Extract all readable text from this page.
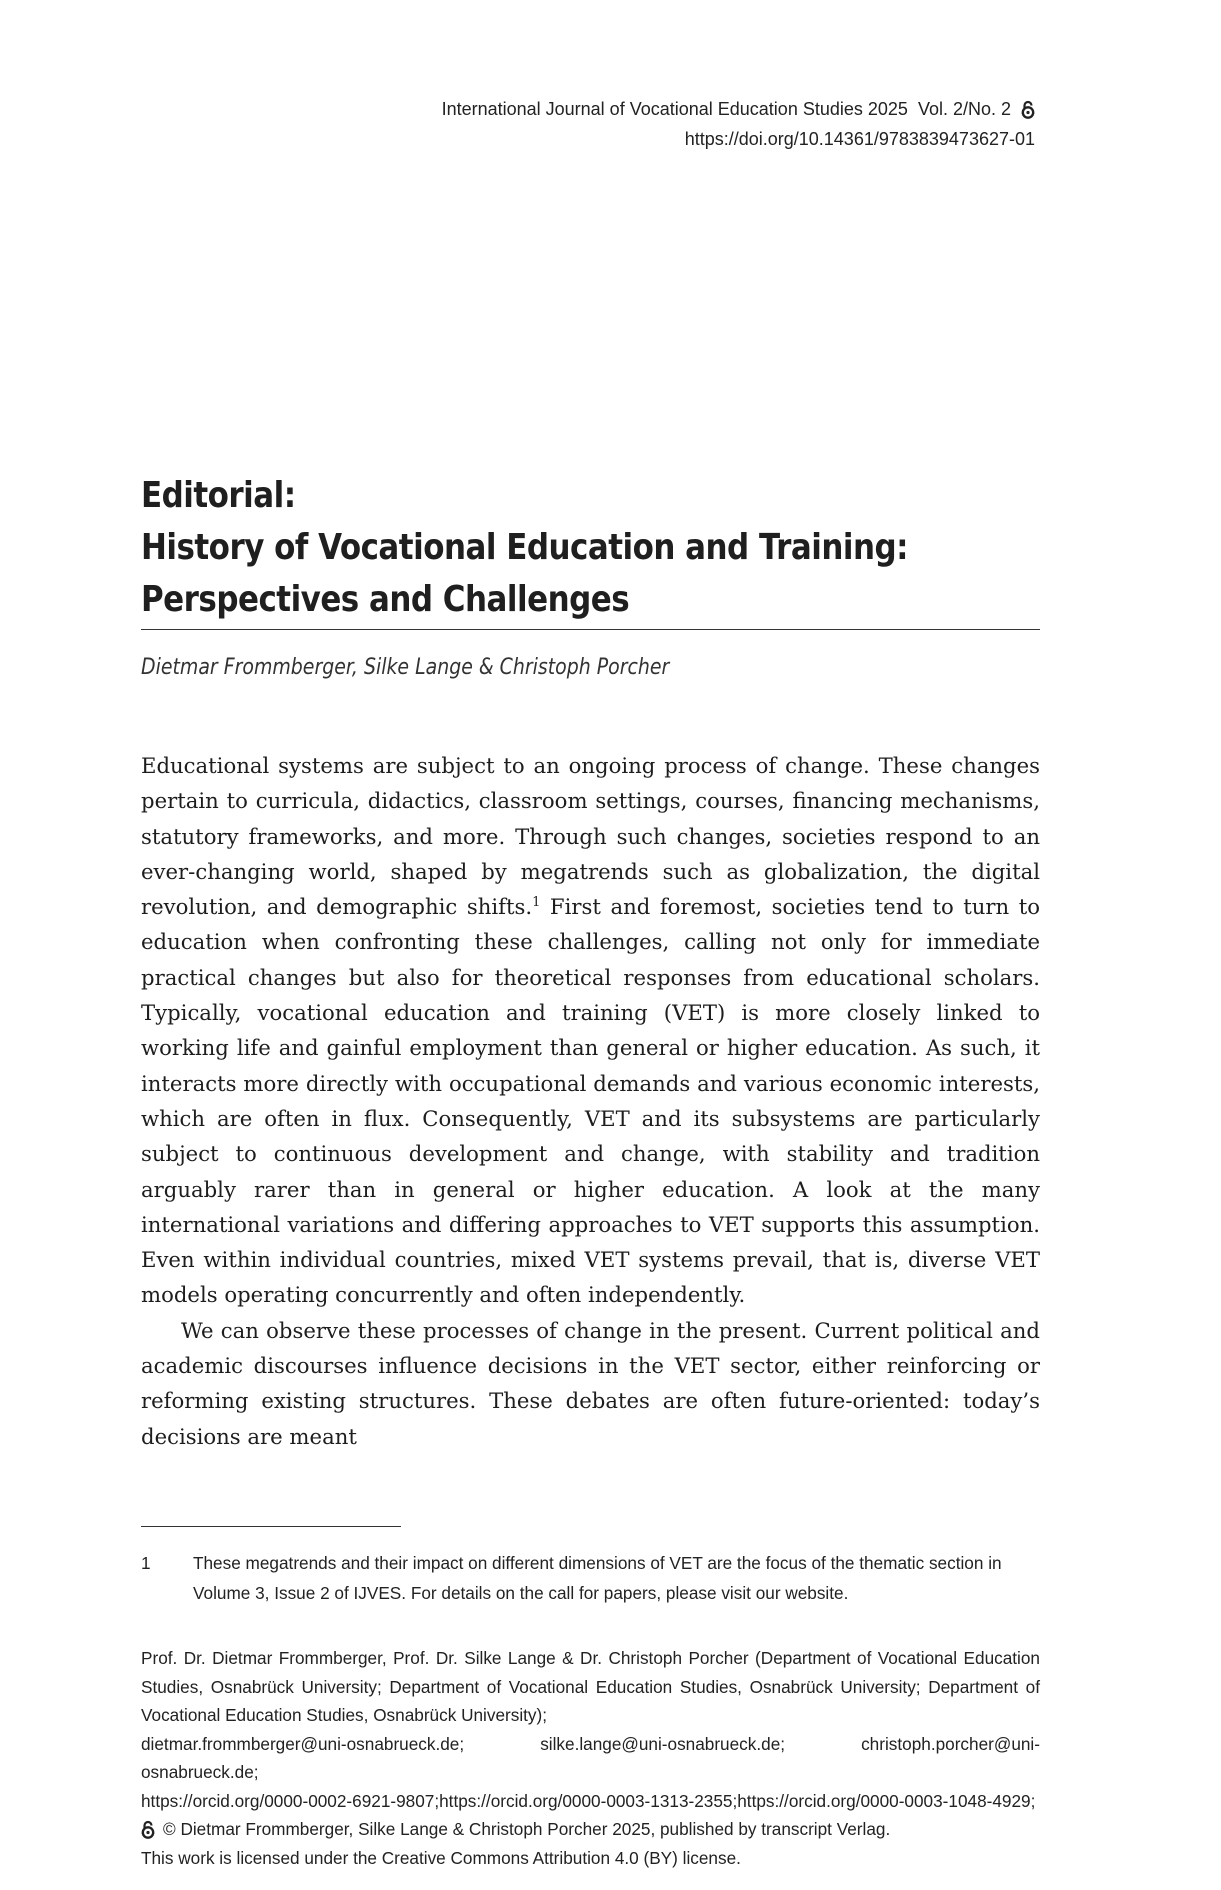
International Journal of Vocational Education Studies 2025
Vol. 2/No. 2
https://doi.org/10.14361/9783839473627-01
Editorial:
History of Vocational Education and Training:
Perspectives and Challenges
Dietmar Frommberger, Silke Lange & Christoph Porcher

Educational systems are subject to an ongoing process of change. These changes pertain to curricula, didactics, classroom settings, courses, financing mechanisms, statutory frameworks, and more. Through such changes, societies respond to an ever-changing world, shaped by megatrends such as globalization, the digital revolution, and demographic shifts.$^1$ First and foremost, societies tend to turn to education when confronting these challenges, calling not only for immediate practical changes but also for theoretical responses from educational scholars. Typically, vocational education and training (VET) is more closely linked to working life and gainful employment than general or higher education. As such, it interacts more directly with occupational demands and various economic interests, which are often in flux. Consequently, VET and its subsystems are particularly subject to continuous development and change, with stability and tradition arguably rarer than in general or higher education. A look at the many international variations and differing approaches to VET supports this assumption. Even within individual countries, mixed VET systems prevail, that is, diverse VET models operating concurrently and often independently.

We can observe these processes of change in the present. Current political and academic discourses influence decisions in the VET sector, either reinforcing or reforming existing structures. These debates are often future-oriented: today’s decisions are meant

1	These megatrends and their impact on different dimensions of VET are the focus of the thematic section in Volume 3, Issue 2 of IJVES. For details on the call for papers, please visit our website.

Prof. Dr. Dietmar Frommberger, Prof. Dr. Silke Lange & Dr. Christoph Porcher (Department of Vocational Education Studies, Osnabrück University; Department of Vocational Education Studies, Osnabrück University; Department of Vocational Education Studies, Osnabrück University);

dietmar.frommberger@uni-osnabrueck.de;	silke.lange@uni-osnabrueck.de;	christoph.porcher@uni-

osnabrueck.de;

https://orcid.org/0000-0002-6921-9807;https://orcid.org/0000-0003-1313-2355;https://orcid.org/0000-0003-1048-4929;

© Dietmar Frommberger, Silke Lange & Christoph Porcher 2025, published by transcript Verlag.

This work is licensed under the Creative Commons Attribution 4.0 (BY) license.
